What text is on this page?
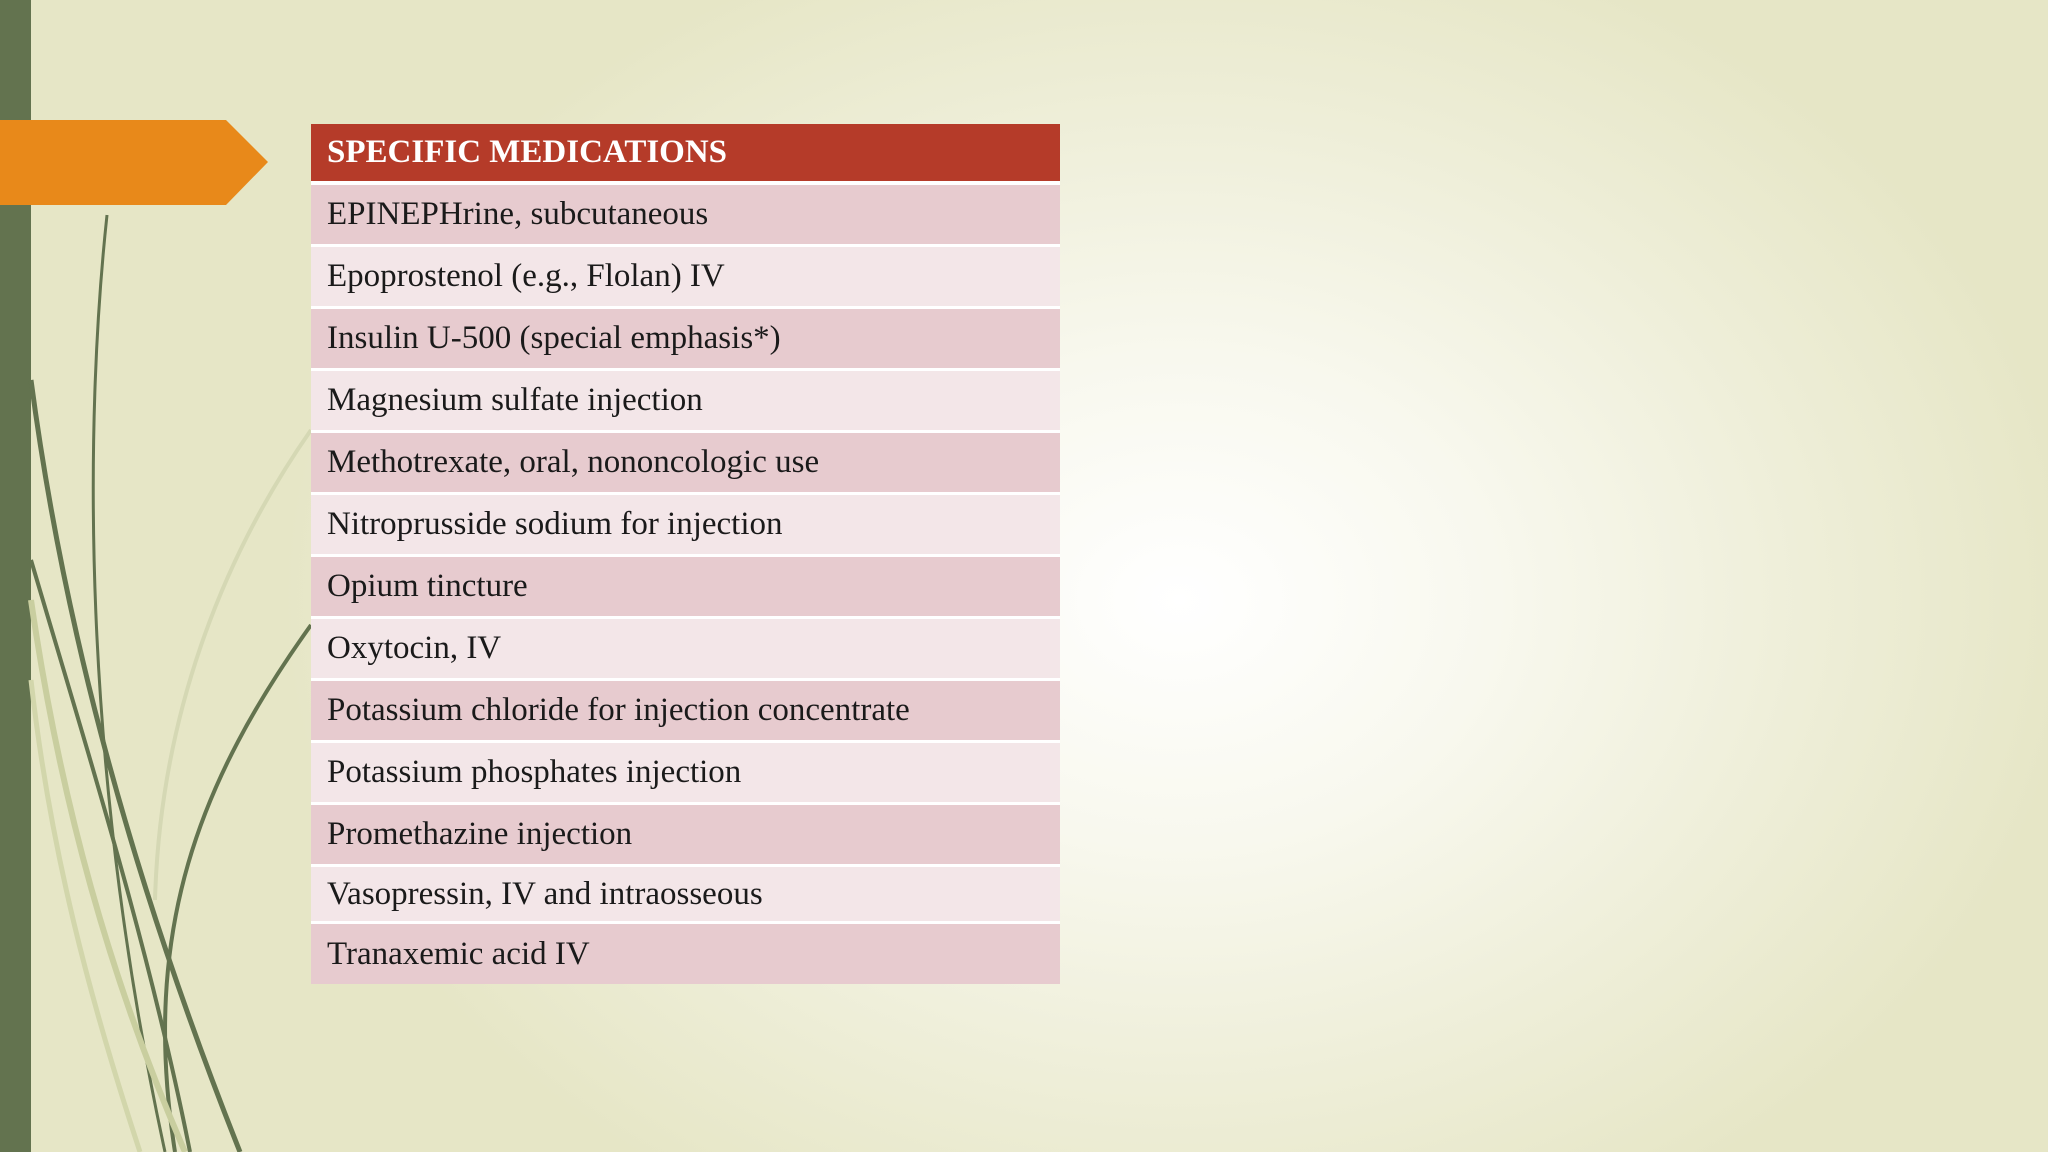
SPECIFIC MEDICATIONS
EPINEPHrine, subcutaneous
Epoprostenol (e.g., Flolan) IV
Insulin U-500 (special emphasis*)
Magnesium sulfate injection
Methotrexate, oral, nononcologic use
Nitroprusside sodium for injection
Opium tincture
Oxytocin, IV
Potassium chloride for injection concentrate
Potassium phosphates injection
Promethazine injection
Vasopressin, IV and intraosseous
Tranaxemic acid IV
